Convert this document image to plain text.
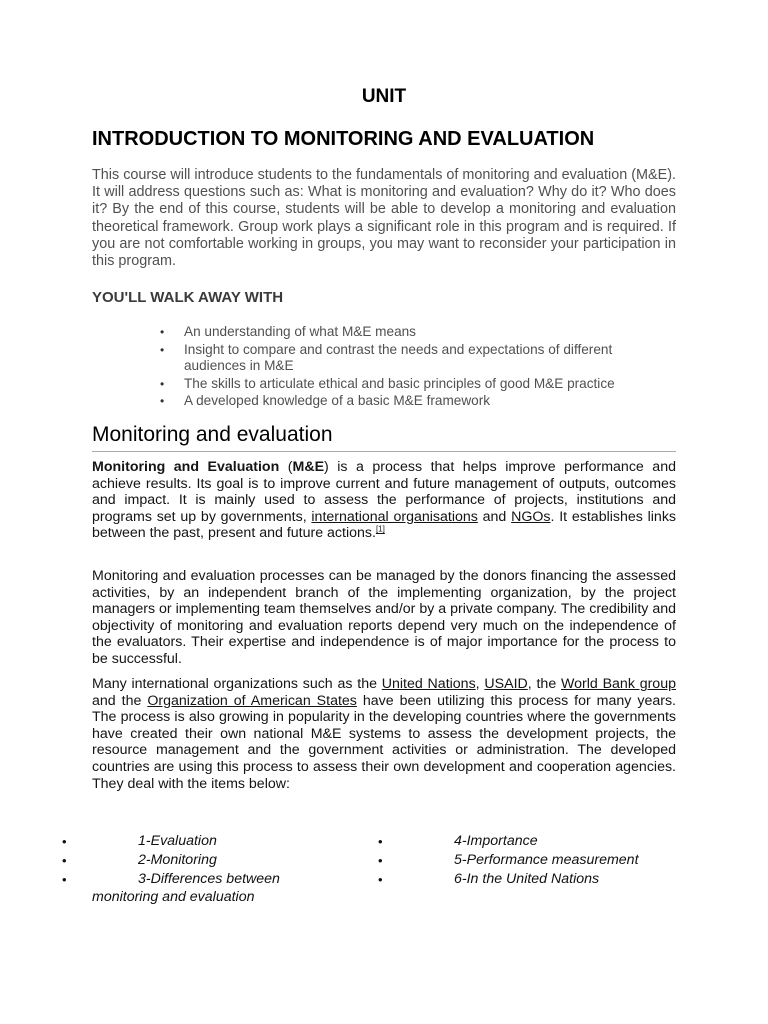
UNIT
INTRODUCTION TO MONITORING AND EVALUATION

This course will introduce students to the fundamentals of monitoring and evaluation (M&E). It will address questions such as: What is monitoring and evaluation? Why do it? Who does it? By the end of this course, students will be able to develop a monitoring and evaluation theoretical framework. Group work plays a significant role in this program and is required. If you are not comfortable working in groups, you may want to reconsider your participation in this program.

YOU'LL WALK AWAY WITH
• An understanding of what M&E means
• Insight to compare and contrast the needs and expectations of different audiences in M&E
• The skills to articulate ethical and basic principles of good M&E practice
• A developed knowledge of a basic M&E framework
Monitoring and evaluation

Monitoring and Evaluation (M&E) is a process that helps improve performance and achieve results. Its goal is to improve current and future management of outputs, outcomes and impact. It is mainly used to assess the performance of projects, institutions and programs set up by governments, international organisations and NGOs. It establishes links between the past, present and future actions.[1]

Monitoring and evaluation processes can be managed by the donors financing the assessed activities, by an independent branch of the implementing organization, by the project managers or implementing team themselves and/or by a private company. The credibility and objectivity of monitoring and evaluation reports depend very much on the independence of the evaluators. Their expertise and independence is of major importance for the process to be successful.

Many international organizations such as the United Nations, USAID, the World Bank group and the Organization of American States have been utilizing this process for many years. The process is also growing in popularity in the developing countries where the governments have created their own national M&E systems to assess the development projects, the resource management and the government activities or administration. The developed countries are using this process to assess their own development and cooperation agencies. They deal with the items below:

•	1-Evaluation
•	2-Monitoring
•	3-Differences between
monitoring and evaluation
•	4-Importance
•	5-Performance measurement
•	6-In the United Nations
